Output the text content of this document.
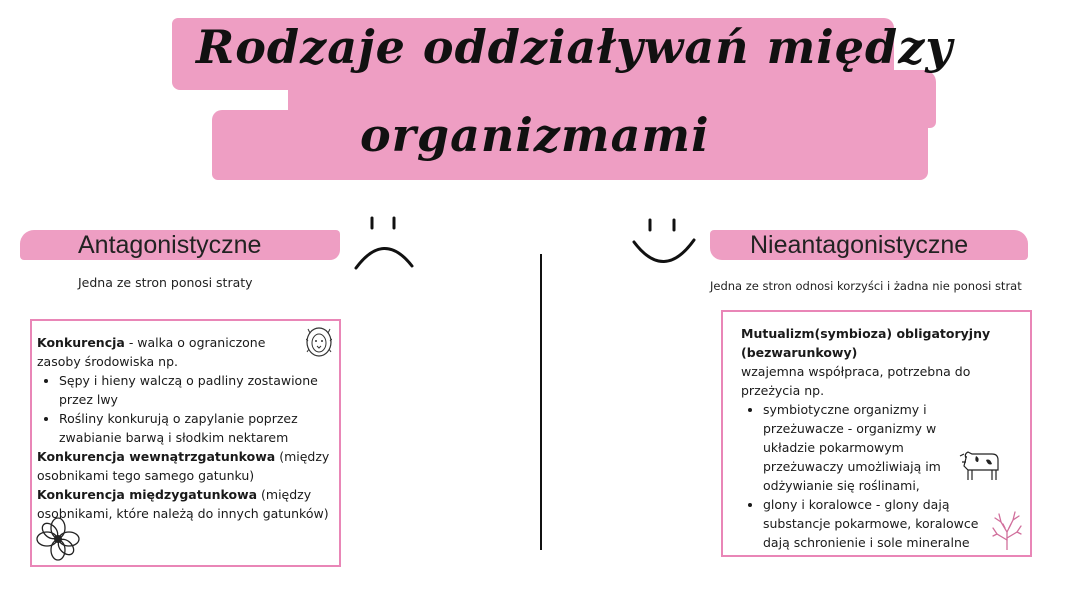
Rodzaje oddziaływań między
organizmami
Antagonistyczne
Jedna ze stron ponosi straty
Nieantagonistyczne
Jedna ze stron odnosi korzyści i żadna nie ponosi strat

Konkurencja - walka o ograniczone zasoby środowiska np.

• Sępy i hieny walczą o padliny zostawione przez lwy
• Rośliny konkurują o zapylanie poprzez zwabianie barwą i słodkim nektarem

Konkurencja wewnątrzgatunkowa (między osobnikami tego samego gatunku)

Konkurencja międzygatunkowa (między osobnikami, które należą do innych gatunków)

Mutualizm(symbioza) obligatoryjny (bezwarunkowy)

wzajemna współpraca, potrzebna do przeżycia np.

• symbiotyczne organizmy i przeżuwacze - organizmy w układzie pokarmowym przeżuwaczy umożliwiają im odżywianie się roślinami,
• glony i koralowce - glony dają substancje pokarmowe, koralowce dają schronienie i sole mineralne
